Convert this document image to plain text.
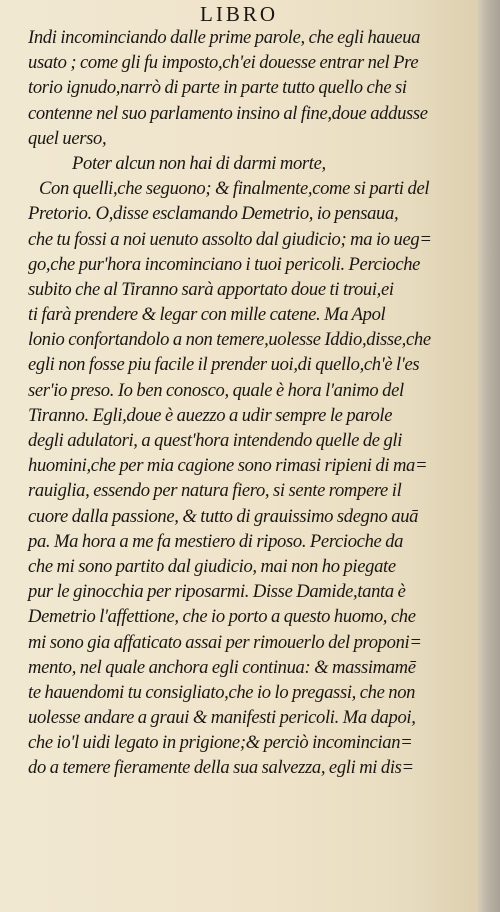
LIBRO
Indi incominciando dalle prime parole, che egli haueua
usato ; come gli fu imposto,ch'ei douesse entrar nel Pre
torio ignudo,narrò di parte in parte tutto quello che si
contenne nel suo parlamento insino al fine,doue addusse
quel uerso,
Poter alcun non hai di darmi morte,
Con quelli,che seguono; & finalmente,come si parti del
Pretorio. O,disse esclamando Demetrio, io pensaua,
che tu fossi a noi uenuto assolto dal giudicio; ma io ueg=
go,che pur'hora incominciano i tuoi pericoli. Percioche
subito che al Tiranno sarà apportato doue ti troui,ei
ti farà prendere & legar con mille catene. Ma Apol
lonio confortandolo a non temere,uolesse Iddio,disse,che
egli non fosse piu facile il prender uoi,di quello,ch'è l'es
ser'io preso. Io ben conosco, quale è hora l'animo del
Tiranno. Egli,doue è auezzo a udir sempre le parole
degli adulatori, a quest'hora intendendo quelle de gli
huomini,che per mia cagione sono rimasi ripieni di ma=
rauiglia, essendo per natura fiero, si sente rompere il
cuore dalla passione, & tutto di grauissimo sdegno auā
pa. Ma hora a me fa mestiero di riposo. Percioche da
che mi sono partito dal giudicio, mai non ho piegate
pur le ginocchia per riposarmi. Disse Damide,tanta è
Demetrio l'affettione, che io porto a questo huomo, che
mi sono gia affaticato assai per rimouerlo del proponi=
mento, nel quale anchora egli continua: & massimamē
te hauendomi tu consigliato,che io lo pregassi, che non
uolesse andare a graui & manifesti pericoli. Ma dapoi,
che io'l uidi legato in prigione;& perciò incomincian=
do a temere fieramente della sua salvezza, egli mi dis=
